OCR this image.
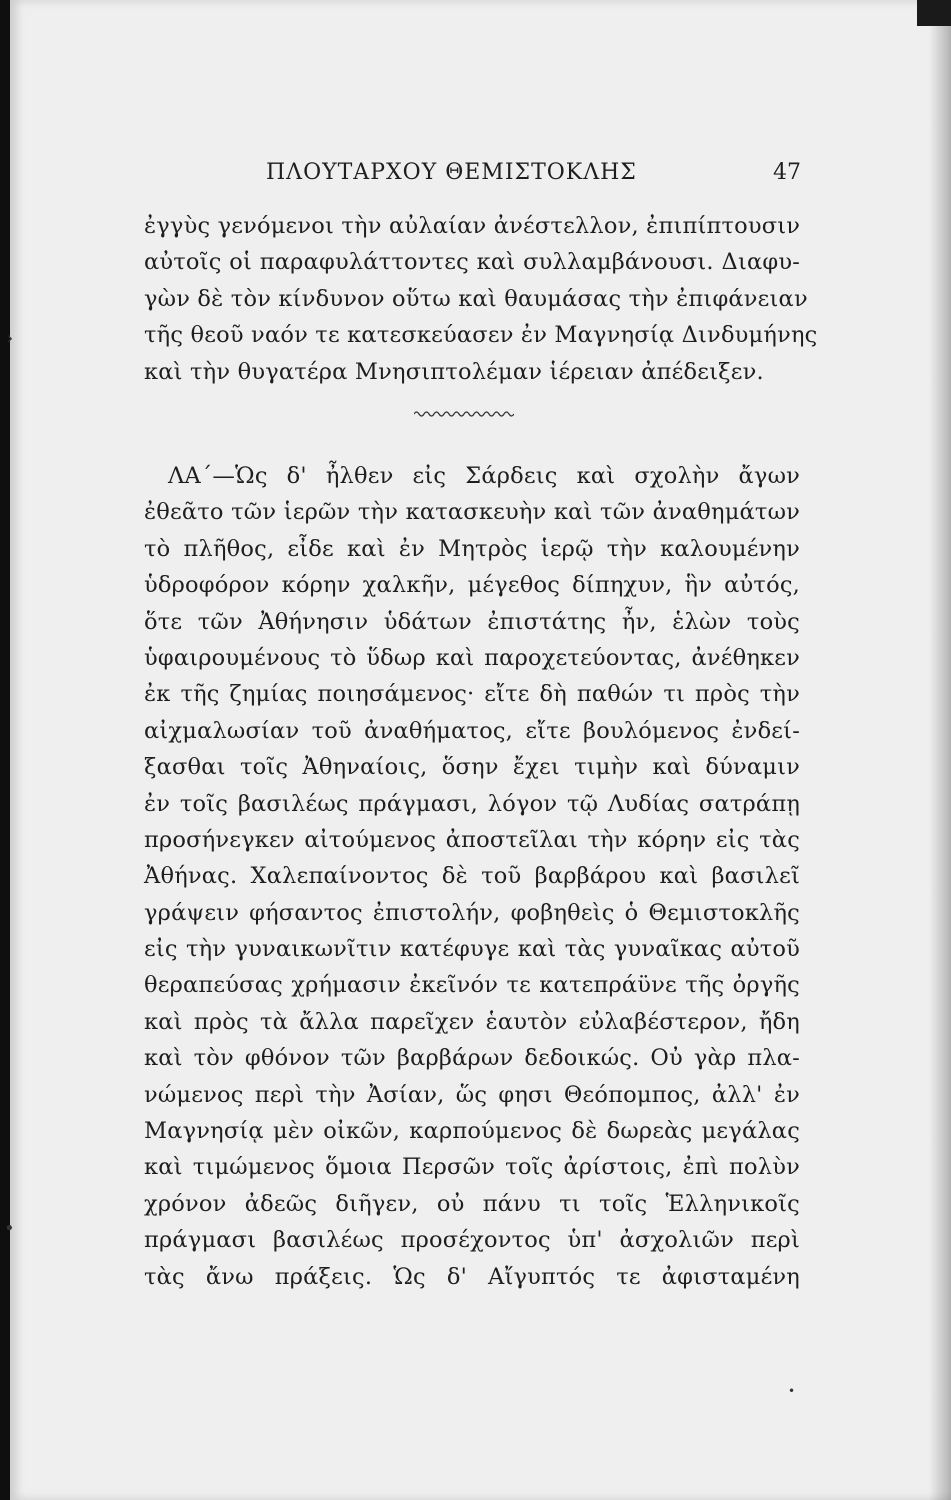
ΠΛΟΥΤΑΡΧΟΥ ΘΕΜΙΣΤΟΚΛΗΣ	47
ἐγγὺς γενόμενοι τὴν αὐλαίαν ἀνέστελλον, ἐπιπίπτουσιν
αὐτοῖς οἱ παραφυλάττοντες καὶ συλλαμβάνουσι. Διαφυ-
γὼν δὲ τὸν κίνδυνον οὕτω καὶ θαυμάσας τὴν ἐπιφάνειαν
τῆς θεοῦ ναόν τε κατεσκεύασεν ἐν Μαγνησίᾳ Δινδυμήνης
καὶ τὴν θυγατέρα Μνησιπτολέμαν ἱέρειαν ἀπέδειξεν.
ΛΑ΄—Ὡς δ' ἦλθεν εἰς Σάρδεις καὶ σχολὴν ἄγων
ἐθεᾶτο τῶν ἱερῶν τὴν κατασκευὴν καὶ τῶν ἀναθημάτων
τὸ πλῆθος, εἶδε καὶ ἐν Μητρὸς ἱερῷ τὴν καλουμένην
ὑδροφόρον κόρην χαλκῆν, μέγεθος δίπηχυν, ἣν αὐτός,
ὅτε τῶν Ἀθήνησιν ὑδάτων ἐπιστάτης ἦν, ἑλὼν τοὺς
ὑφαιρουμένους τὸ ὕδωρ καὶ παροχετεύοντας, ἀνέθηκεν
ἐκ τῆς ζημίας ποιησάμενος· εἴτε δὴ παθών τι πρὸς τὴν
αἰχμαλωσίαν τοῦ ἀναθήματος, εἴτε βουλόμενος ἐνδεί-
ξασθαι τοῖς Ἀθηναίοις, ὅσην ἔχει τιμὴν καὶ δύναμιν
ἐν τοῖς βασιλέως πράγμασι, λόγον τῷ Λυδίας σατράπῃ
προσήνεγκεν αἰτούμενος ἀποστεῖλαι τὴν κόρην εἰς τὰς
Ἀθήνας. Χαλεπαίνοντος δὲ τοῦ βαρβάρου καὶ βασιλεῖ
γράψειν φήσαντος ἐπιστολήν, φοβηθεὶς ὁ Θεμιστοκλῆς
εἰς τὴν γυναικωνῖτιν κατέφυγε καὶ τὰς γυναῖκας αὐτοῦ
θεραπεύσας χρήμασιν ἐκεῖνόν τε κατεπράϋνε τῆς ὀργῆς
καὶ πρὸς τὰ ἄλλα παρεῖχεν ἑαυτὸν εὐλαβέστερον, ἤδη
καὶ τὸν φθόνον τῶν βαρβάρων δεδοικώς. Οὐ γὰρ πλα-
νώμενος περὶ τὴν Ἀσίαν, ὥς φησι Θεόπομπος, ἀλλ' ἐν
Μαγνησίᾳ μὲν οἰκῶν, καρπούμενος δὲ δωρεὰς μεγάλας
καὶ τιμώμενος ὅμοια Περσῶν τοῖς ἀρίστοις, ἐπὶ πολὺν
χρόνον ἀδεῶς διῆγεν, οὐ πάνυ τι τοῖς Ἑλληνικοῖς
πράγμασι βασιλέως προσέχοντος ὑπ' ἀσχολιῶν περὶ
τὰς ἄνω πράξεις. Ὡς δ' Αἴγυπτός τε ἀφισταμένη
›
•
•
